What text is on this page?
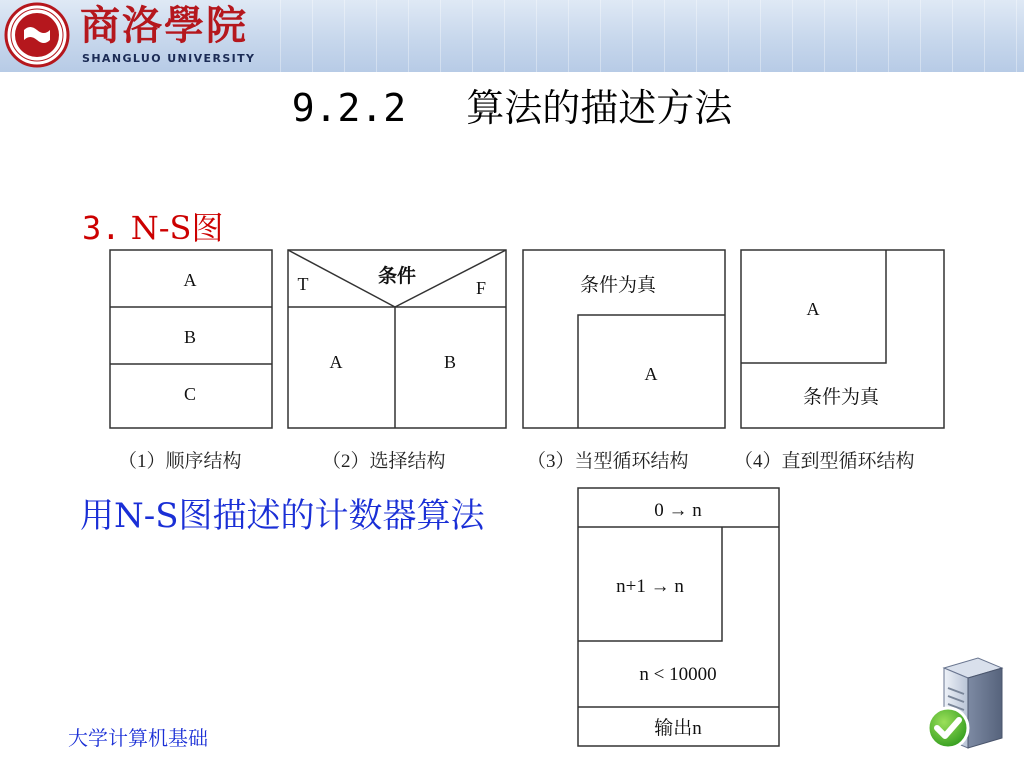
商洛學院
SHANGLUO UNIVERSITY
9.2.2 算法的描述方法
3. N-S图
A
B
C
条件
T	F
A	B
条件为真
A
A
条件为真
0 → n
n+1 → n
n < 10000
输出n
（1）顺序结构	（2）选择结构	（3）当型循环结构 （4）直到型循环结构
用N-S图描述的计数器算法
大学计算机基础
